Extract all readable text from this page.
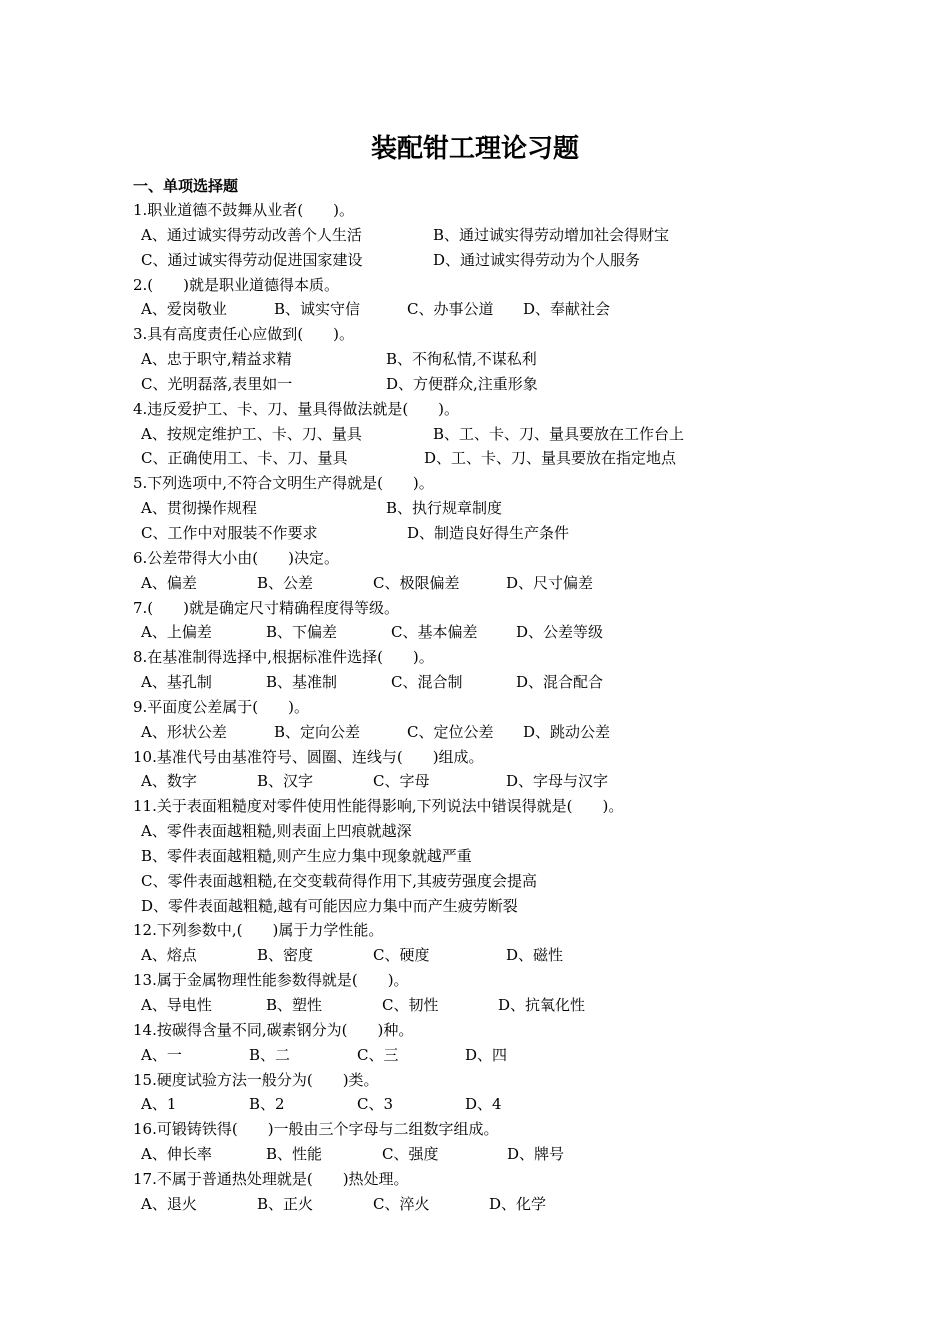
装配钳工理论习题
一、单项选择题
1.职业道德不鼓舞从业者(　　)。
A、通过诚实得劳动改善个人生活	B、通过诚实得劳动增加社会得财宝
C、通过诚实得劳动促进国家建设	D、通过诚实得劳动为个人服务
2.(　　)就是职业道德得本质。
A、爱岗敬业	B、诚实守信	C、办事公道 D、奉献社会
3.具有高度责任心应做到(　　)。
A、忠于职守,精益求精	B、不徇私情,不谋私利
C、光明磊落,表里如一	D、方便群众,注重形象
4.违反爱护工、卡、刀、量具得做法就是(　　)。
A、按规定维护工、卡、刀、量具	B、工、卡、刀、量具要放在工作台上
C、正确使用工、卡、刀、量具	D、工、卡、刀、量具要放在指定地点
5.下列选项中,不符合文明生产得就是(　　)。
A、贯彻操作规程	B、执行规章制度
C、工作中对服装不作要求	D、制造良好得生产条件
6.公差带得大小由(　　)决定。
A、偏差	B、公差	C、极限偏差	D、尺寸偏差
7.(　　)就是确定尺寸精确程度得等级。
A、上偏差	B、下偏差	C、基本偏差	D、公差等级
8.在基准制得选择中,根据标准件选择(　　)。
A、基孔制	B、基准制	C、混合制	D、混合配合
9.平面度公差属于(　　)。
A、形状公差	B、定向公差	C、定位公差 D、跳动公差
10.基准代号由基准符号、圆圈、连线与(　　)组成。
A、数字	B、汉字	C、字母	D、字母与汉字
11.关于表面粗糙度对零件使用性能得影响,下列说法中错误得就是(　　)。
A、零件表面越粗糙,则表面上凹痕就越深
B、零件表面越粗糙,则产生应力集中现象就越严重
C、零件表面越粗糙,在交变载荷得作用下,其疲劳强度会提高
D、零件表面越粗糙,越有可能因应力集中而产生疲劳断裂
12.下列参数中,(　　)属于力学性能。
A、熔点	B、密度	C、硬度	D、磁性
13.属于金属物理性能参数得就是(　　)。
A、导电性	B、塑性	C、韧性	D、抗氧化性
14.按碳得含量不同,碳素钢分为(　　)种。
A、一	B、二	C、三	D、四
15.硬度试验方法一般分为(　　)类。
A、1	B、2	C、3	D、4
16.可锻铸铁得(　　)一般由三个字母与二组数字组成。
A、伸长率	B、性能	C、强度	D、牌号
17.不属于普通热处理就是(　　)热处理。
A、退火	B、正火	C、淬火	D、化学
